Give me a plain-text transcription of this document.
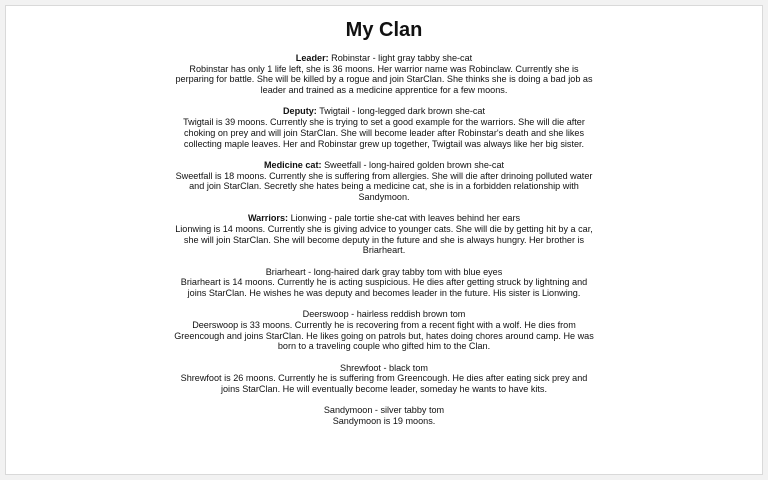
My Clan

Leader: Robinstar - light gray tabby she-cat
Robinstar has only 1 life left, she is 36 moons. Her warrior name was Robinclaw. Currently she is perparing for battle. She will be killed by a rogue and join StarClan. She thinks she is doing a bad job as leader and trained as a medicine apprentice for a few moons.

Deputy: Twigtail - long-legged dark brown she-cat
Twigtail is 39 moons. Currently she is trying to set a good example for the warriors. She will die after choking on prey and will join StarClan. She will become leader after Robinstar's death and she likes collecting maple leaves. Her and Robinstar grew up together, Twigtail was always like her big sister.

Medicine cat: Sweetfall - long-haired golden brown she-cat
Sweetfall is 18 moons. Currently she is suffering from allergies. She will die after drinoing polluted water and join StarClan. Secretly she hates being a medicine cat, she is in a forbidden relationship with Sandymoon.

Warriors: Lionwing - pale tortie she-cat with leaves behind her ears
Lionwing is 14 moons. Currently she is giving advice to younger cats. She will die by getting hit by a car, she will join StarClan. She will become deputy in the future and she is always hungry. Her brother is Briarheart.

Briarheart - long-haired dark gray tabby tom with blue eyes
Briarheart is 14 moons. Currently he is acting suspicious. He dies after getting struck by lightning and joins StarClan. He wishes he was deputy and becomes leader in the future. His sister is Lionwing.

Deerswoop - hairless reddish brown tom
Deerswoop is 33 moons. Currently he is recovering from a recent fight with a wolf. He dies from Greencough and joins StarClan. He likes going on patrols but, hates doing chores around camp. He was born to a traveling couple who gifted him to the Clan.

Shrewfoot - black tom
Shrewfoot is 26 moons. Currently he is suffering from Greencough. He dies after eating sick prey and joins StarClan. He will eventually become leader, someday he wants to have kits.

Sandymoon - silver tabby tom
Sandymoon is 19 moons.
